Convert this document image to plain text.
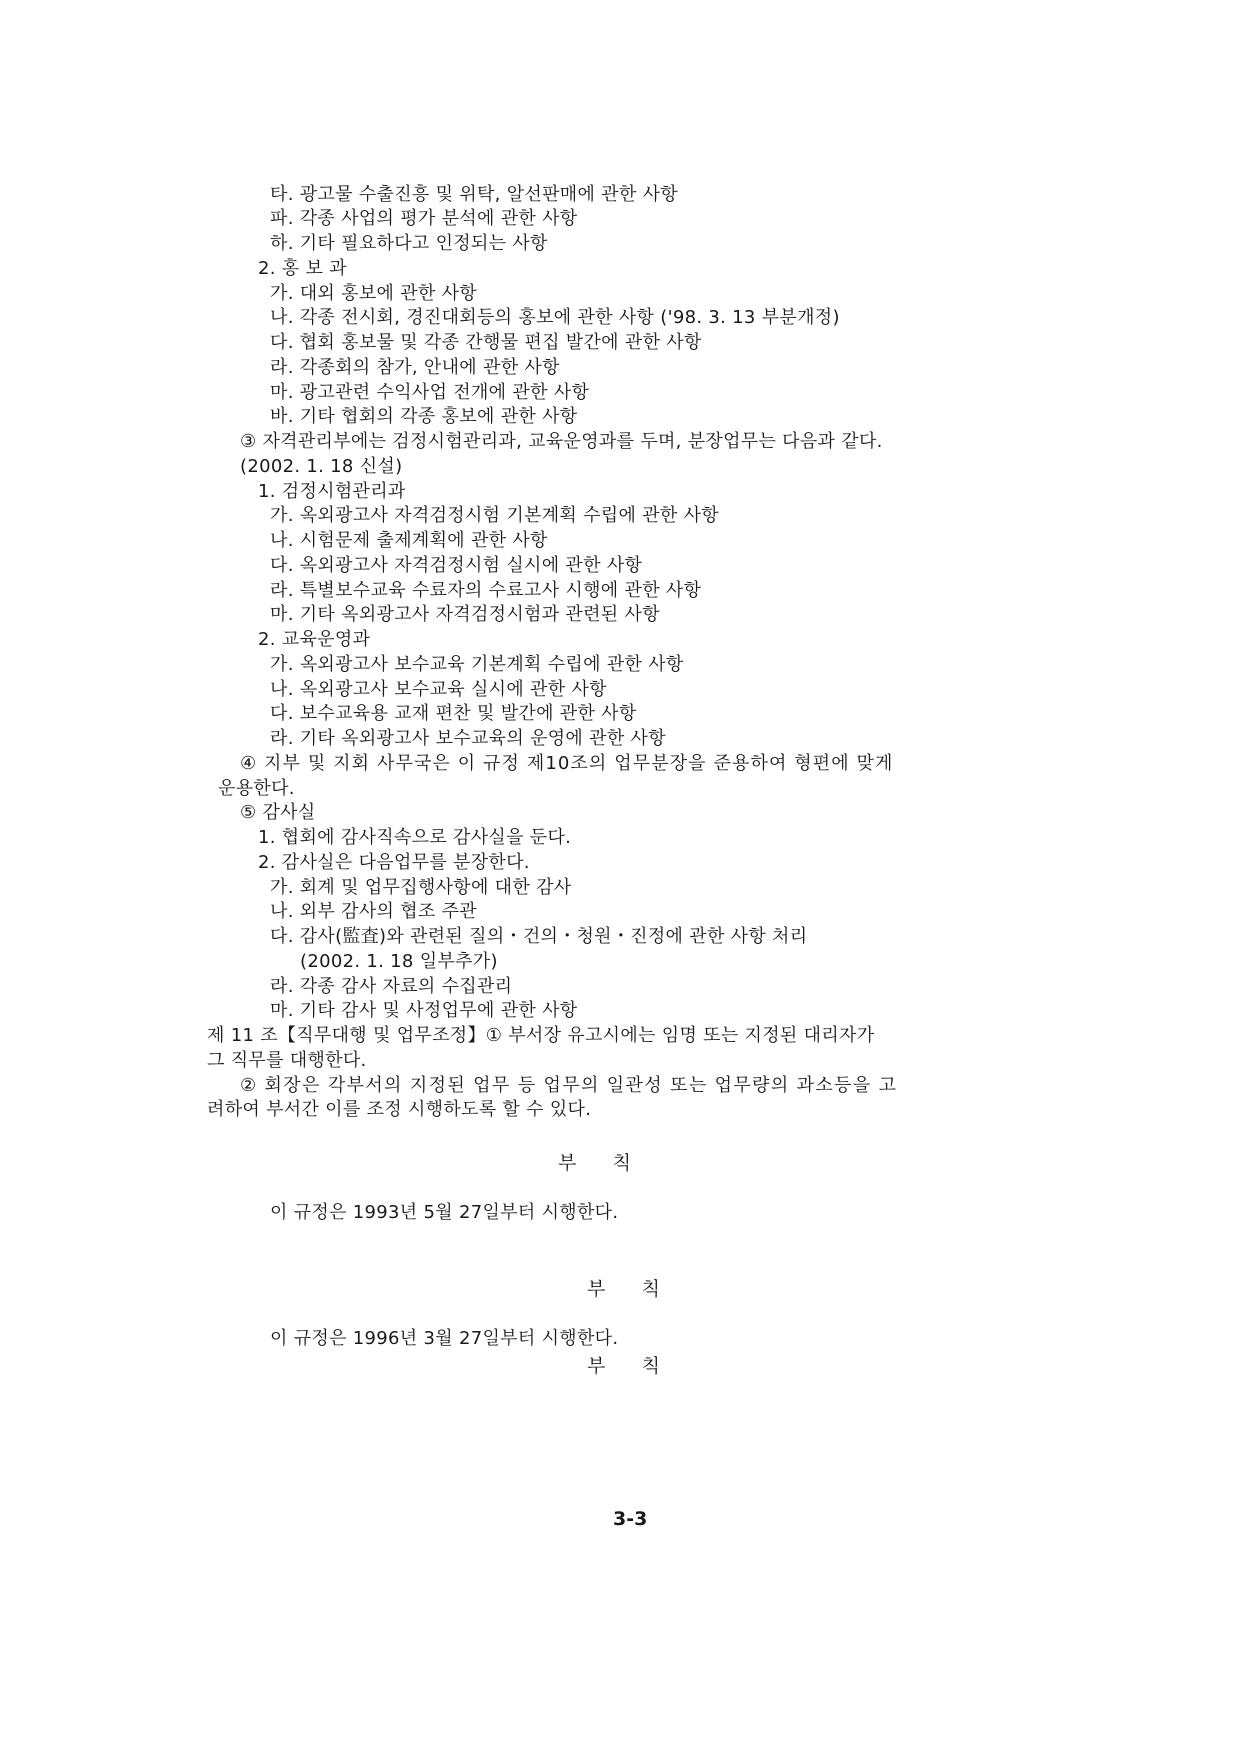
타. 광고물 수출진흥 및 위탁, 알선판매에 관한 사항
파. 각종 사업의 평가 분석에 관한 사항
하. 기타 필요하다고 인정되는 사항
2. 홍 보 과
가. 대외 홍보에 관한 사항
나. 각종 전시회, 경진대회등의 홍보에 관한 사항 ('98. 3. 13 부분개정)
다. 협회 홍보물 및 각종 간행물 편집 발간에 관한 사항
라. 각종회의 참가, 안내에 관한 사항
마. 광고관련 수익사업 전개에 관한 사항
바. 기타 협회의 각종 홍보에 관한 사항
③ 자격관리부에는 검정시험관리과, 교육운영과를 두며, 분장업무는 다음과 같다.
(2002. 1. 18 신설)
1. 검정시험관리과
가. 옥외광고사 자격검정시험 기본계획 수립에 관한 사항
나. 시험문제 출제계획에 관한 사항
다. 옥외광고사 자격검정시험 실시에 관한 사항
라. 특별보수교육 수료자의 수료고사 시행에 관한 사항
마. 기타 옥외광고사 자격검정시험과 관련된 사항
2. 교육운영과
가. 옥외광고사 보수교육 기본계획 수립에 관한 사항
나. 옥외광고사 보수교육 실시에 관한 사항
다. 보수교육용 교재 편찬 및 발간에 관한 사항
라. 기타 옥외광고사 보수교육의 운영에 관한 사항
④ 지부 및 지회 사무국은 이 규정 제10조의 업무분장을 준용하여 형편에 맞게
운용한다.
⑤ 감사실
1. 협회에 감사직속으로 감사실을 둔다.
2. 감사실은 다음업무를 분장한다.
가. 회계 및 업무집행사항에 대한 감사
나. 외부 감사의 협조 주관
다. 감사(監査)와 관련된 질의・건의・청원・진정에 관한 사항 처리
(2002. 1. 18 일부추가)
라. 각종 감사 자료의 수집관리
마. 기타 감사 및 사정업무에 관한 사항
제 11 조【직무대행 및 업무조정】① 부서장 유고시에는 임명 또는 지정된 대리자가
그 직무를 대행한다.
② 회장은 각부서의 지정된 업무 등 업무의 일관성 또는 업무량의 과소등을 고
려하여 부서간 이를 조정 시행하도록 할 수 있다.
부      칙
이 규정은 1993년 5월 27일부터 시행한다.
부      칙
이 규정은 1996년 3월 27일부터 시행한다.
부      칙
3-3
